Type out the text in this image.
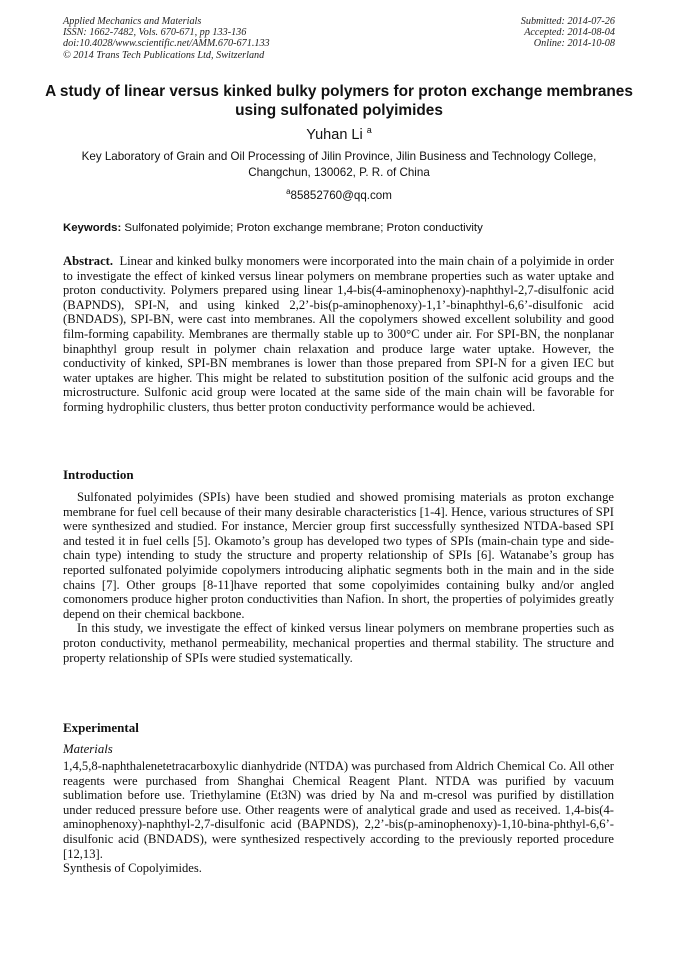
Applied Mechanics and Materials
ISSN: 1662-7482, Vols. 670-671, pp 133-136
doi:10.4028/www.scientific.net/AMM.670-671.133
© 2014 Trans Tech Publications Ltd, Switzerland
Submitted: 2014-07-26
Accepted: 2014-08-04
Online: 2014-10-08
A study of linear versus kinked bulky polymers for proton exchange membranes using sulfonated polyimides
Yuhan Li $^a$
Key Laboratory of Grain and Oil Processing of Jilin Province, Jilin Business and Technology College, Changchun, 130062, P. R. of China
$^a$85852760@qq.com
Keywords: Sulfonated polyimide; Proton exchange membrane; Proton conductivity
Abstract. Linear and kinked bulky monomers were incorporated into the main chain of a polyimide in order to investigate the effect of kinked versus linear polymers on membrane properties such as water uptake and proton conductivity. Polymers prepared using linear 1,4-bis(4-aminophenoxy)-naphthyl-2,7-disulfonic acid (BAPNDS), SPI-N, and using kinked 2,2’-bis(p-aminophenoxy)-1,1’-binaphthyl-6,6’-disulfonic acid (BNDADS), SPI-BN, were cast into membranes. All the copolymers showed excellent solubility and good film-forming capability. Membranes are thermally stable up to 300°C under air. For SPI-BN, the nonplanar binaphthyl group result in polymer chain relaxation and produce large water uptake. However, the conductivity of kinked, SPI-BN membranes is lower than those prepared from SPI-N for a given IEC but water uptakes are higher. This might be related to substitution position of the sulfonic acid groups and the microstructure. Sulfonic acid group were located at the same side of the main chain will be favorable for forming hydrophilic clusters, thus better proton conductivity performance would be achieved.
Introduction

Sulfonated polyimides (SPIs) have been studied and showed promising materials as proton exchange membrane for fuel cell because of their many desirable characteristics [1-4]. Hence, various structures of SPI were synthesized and studied. For instance, Mercier group first successfully synthesized NTDA-based SPI and tested it in fuel cells [5]. Okamoto’s group has developed two types of SPIs (main-chain type and side-chain type) intending to study the structure and property relationship of SPIs [6]. Watanabe’s group has reported sulfonated polyimide copolymers introducing aliphatic segments both in the main and in the side chains [7]. Other groups [8-11]have reported that some copolyimides containing bulky and/or angled comonomers produce higher proton conductivities than Nafion. In short, the properties of polyimides greatly depend on their chemical backbone.

In this study, we investigate the effect of kinked versus linear polymers on membrane properties such as proton conductivity, methanol permeability, mechanical properties and thermal stability. The structure and property relationship of SPIs were studied systematically.

Experimental
Materials

1,4,5,8-naphthalenetetracarboxylic dianhydride (NTDA) was purchased from Aldrich Chemical Co. All other reagents were purchased from Shanghai Chemical Reagent Plant. NTDA was purified by vacuum sublimation before use. Triethylamine (Et3N) was dried by Na and m-cresol was purified by distillation under reduced pressure before use. Other reagents were of analytical grade and used as received. 1,4-bis(4-aminophenoxy)-naphthyl-2,7-disulfonic acid (BAPNDS), 2,2’-bis(p-aminophenoxy)-1,10-bina-phthyl-6,6’-disulfonic acid (BNDADS), were synthesized respectively according to the previously reported procedure [12,13].

Synthesis of Copolyimides.
